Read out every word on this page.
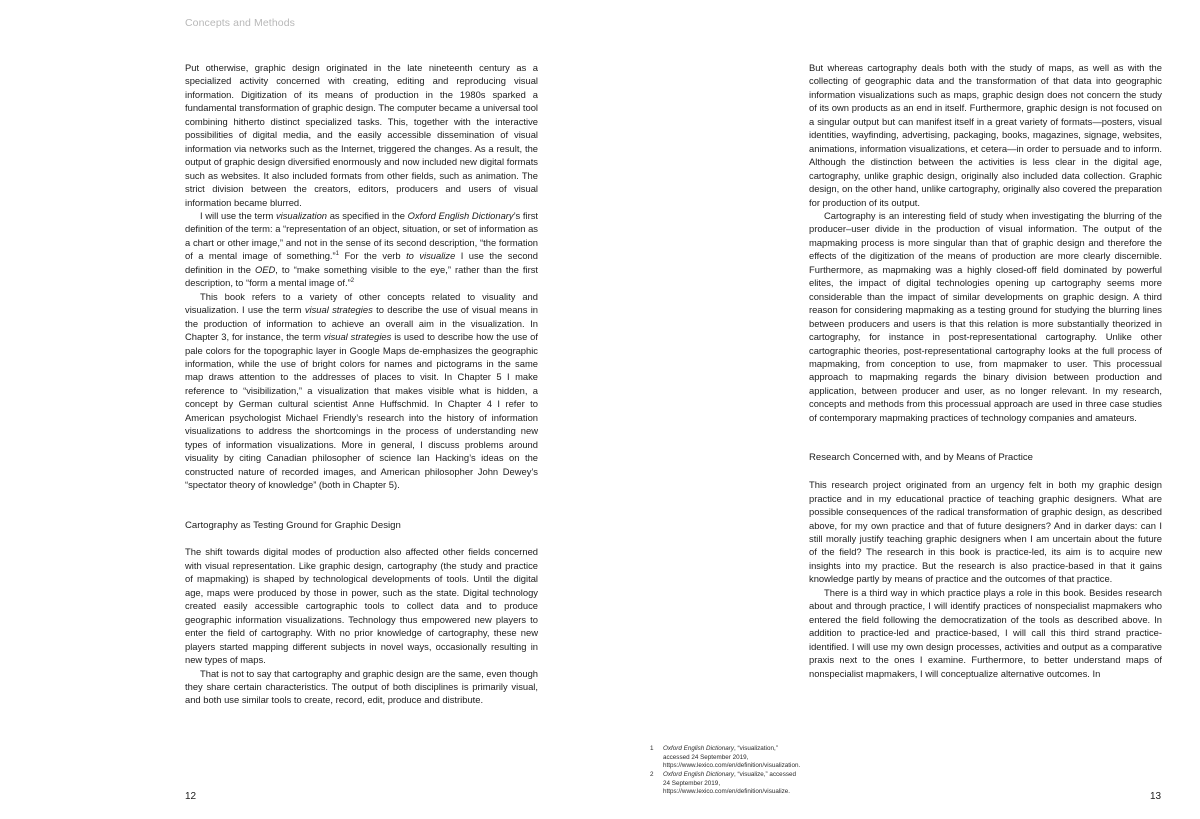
Concepts and Methods

Put otherwise, graphic design originated in the late nineteenth century as a specialized activity concerned with creating, editing and reproducing visual information. Digitization of its means of production in the 1980s sparked a fundamental transformation of graphic design. The computer became a universal tool combining hitherto distinct specialized tasks. This, together with the interactive possibilities of digital media, and the easily accessible dissemination of visual information via networks such as the Internet, triggered the changes. As a result, the output of graphic design diversified enormously and now included new digital formats such as websites. It also included formats from other fields, such as animation. The strict division between the creators, editors, producers and users of visual information became blurred.

I will use the term visualization as specified in the Oxford English Dictionary’s first definition of the term: a “representation of an object, situation, or set of information as a chart or other image,” and not in the sense of its second description, “the formation of a mental image of something.”$^1$ For the verb to visualize I use the second definition in the OED, to “make something visible to the eye,” rather than the first description, to “form a mental image of.”$^2$

This book refers to a variety of other concepts related to visuality and visualization. I use the term visual strategies to describe the use of visual means in the production of information to achieve an overall aim in the visualization. In Chapter 3, for instance, the term visual strategies is used to describe how the use of pale colors for the topographic layer in Google Maps de-emphasizes the geographic information, while the use of bright colors for names and pictograms in the same map draws attention to the addresses of places to visit. In Chapter 5 I make reference to “visibilization,” a visualization that makes visible what is hidden, a concept by German cultural scientist Anne Huffschmid. In Chapter 4 I refer to American psychologist Michael Friendly’s research into the history of information visualizations to address the shortcomings in the process of understanding new types of information visualizations. More in general, I discuss problems around visuality by citing Canadian philosopher of science Ian Hacking’s ideas on the constructed nature of recorded images, and American philosopher John Dewey’s “spectator theory of knowledge” (both in Chapter 5).

Cartography as Testing Ground for Graphic Design

The shift towards digital modes of production also affected other fields concerned with visual representation. Like graphic design, cartography (the study and practice of mapmaking) is shaped by technological developments of tools. Until the digital age, maps were produced by those in power, such as the state. Digital technology created easily accessible cartographic tools to collect data and to produce geographic information visualizations. Technology thus empowered new players to enter the field of cartography. With no prior knowledge of cartography, these new players started mapping different subjects in novel ways, occasionally resulting in new types of maps.

That is not to say that cartography and graphic design are the same, even though they share certain characteristics. The output of both disciplines is primarily visual, and both use similar tools to create, record, edit, produce and distribute.

But whereas cartography deals both with the study of maps, as well as with the collecting of geographic data and the transformation of that data into geographic information visualizations such as maps, graphic design does not concern the study of its own products as an end in itself. Furthermore, graphic design is not focused on a singular output but can manifest itself in a great variety of formats—posters, visual identities, wayfinding, advertising, packaging, books, magazines, signage, websites, animations, information visualizations, et cetera—in order to persuade and to inform. Although the distinction between the activities is less clear in the digital age, cartography, unlike graphic design, originally also included data collection. Graphic design, on the other hand, unlike cartography, originally also covered the preparation for production of its output.

Cartography is an interesting field of study when investigating the blurring of the producer–user divide in the production of visual information. The output of the mapmaking process is more singular than that of graphic design and therefore the effects of the digitization of the means of production are more clearly discernible. Furthermore, as mapmaking was a highly closed-off field dominated by powerful elites, the impact of digital technologies opening up cartography seems more considerable than the impact of similar developments on graphic design. A third reason for considering mapmaking as a testing ground for studying the blurring lines between producers and users is that this relation is more substantially theorized in cartography, for instance in post-representational cartography. Unlike other cartographic theories, post-representational cartography looks at the full process of mapmaking, from conception to use, from mapmaker to user. This processual approach to mapmaking regards the binary division between production and application, between producer and user, as no longer relevant. In my research, concepts and methods from this processual approach are used in three case studies of contemporary mapmaking practices of technology companies and amateurs.

Research Concerned with, and by Means of Practice

This research project originated from an urgency felt in both my graphic design practice and in my educational practice of teaching graphic designers. What are possible consequences of the radical transformation of graphic design, as described above, for my own practice and that of future designers? And in darker days: can I still morally justify teaching graphic designers when I am uncertain about the future of the field? The research in this book is practice-led, its aim is to acquire new insights into my practice. But the research is also practice-based in that it gains knowledge partly by means of practice and the outcomes of that practice.

There is a third way in which practice plays a role in this book. Besides research about and through practice, I will identify practices of nonspecialist mapmakers who entered the field following the democratization of the tools as described above. In addition to practice-led and practice-based, I will call this third strand practice-identified. I will use my own design processes, activities and output as a comparative praxis next to the ones I examine. Furthermore, to better understand maps of nonspecialist mapmakers, I will conceptualize alternative outcomes. In

1	Oxford English Dictionary, “visualization,” accessed 24 September 2019, https://www.lexico.com/en/definition/visualization.
2	Oxford English Dictionary, “visualize,” accessed 24 September 2019, https://www.lexico.com/en/definition/visualize.
12	13
